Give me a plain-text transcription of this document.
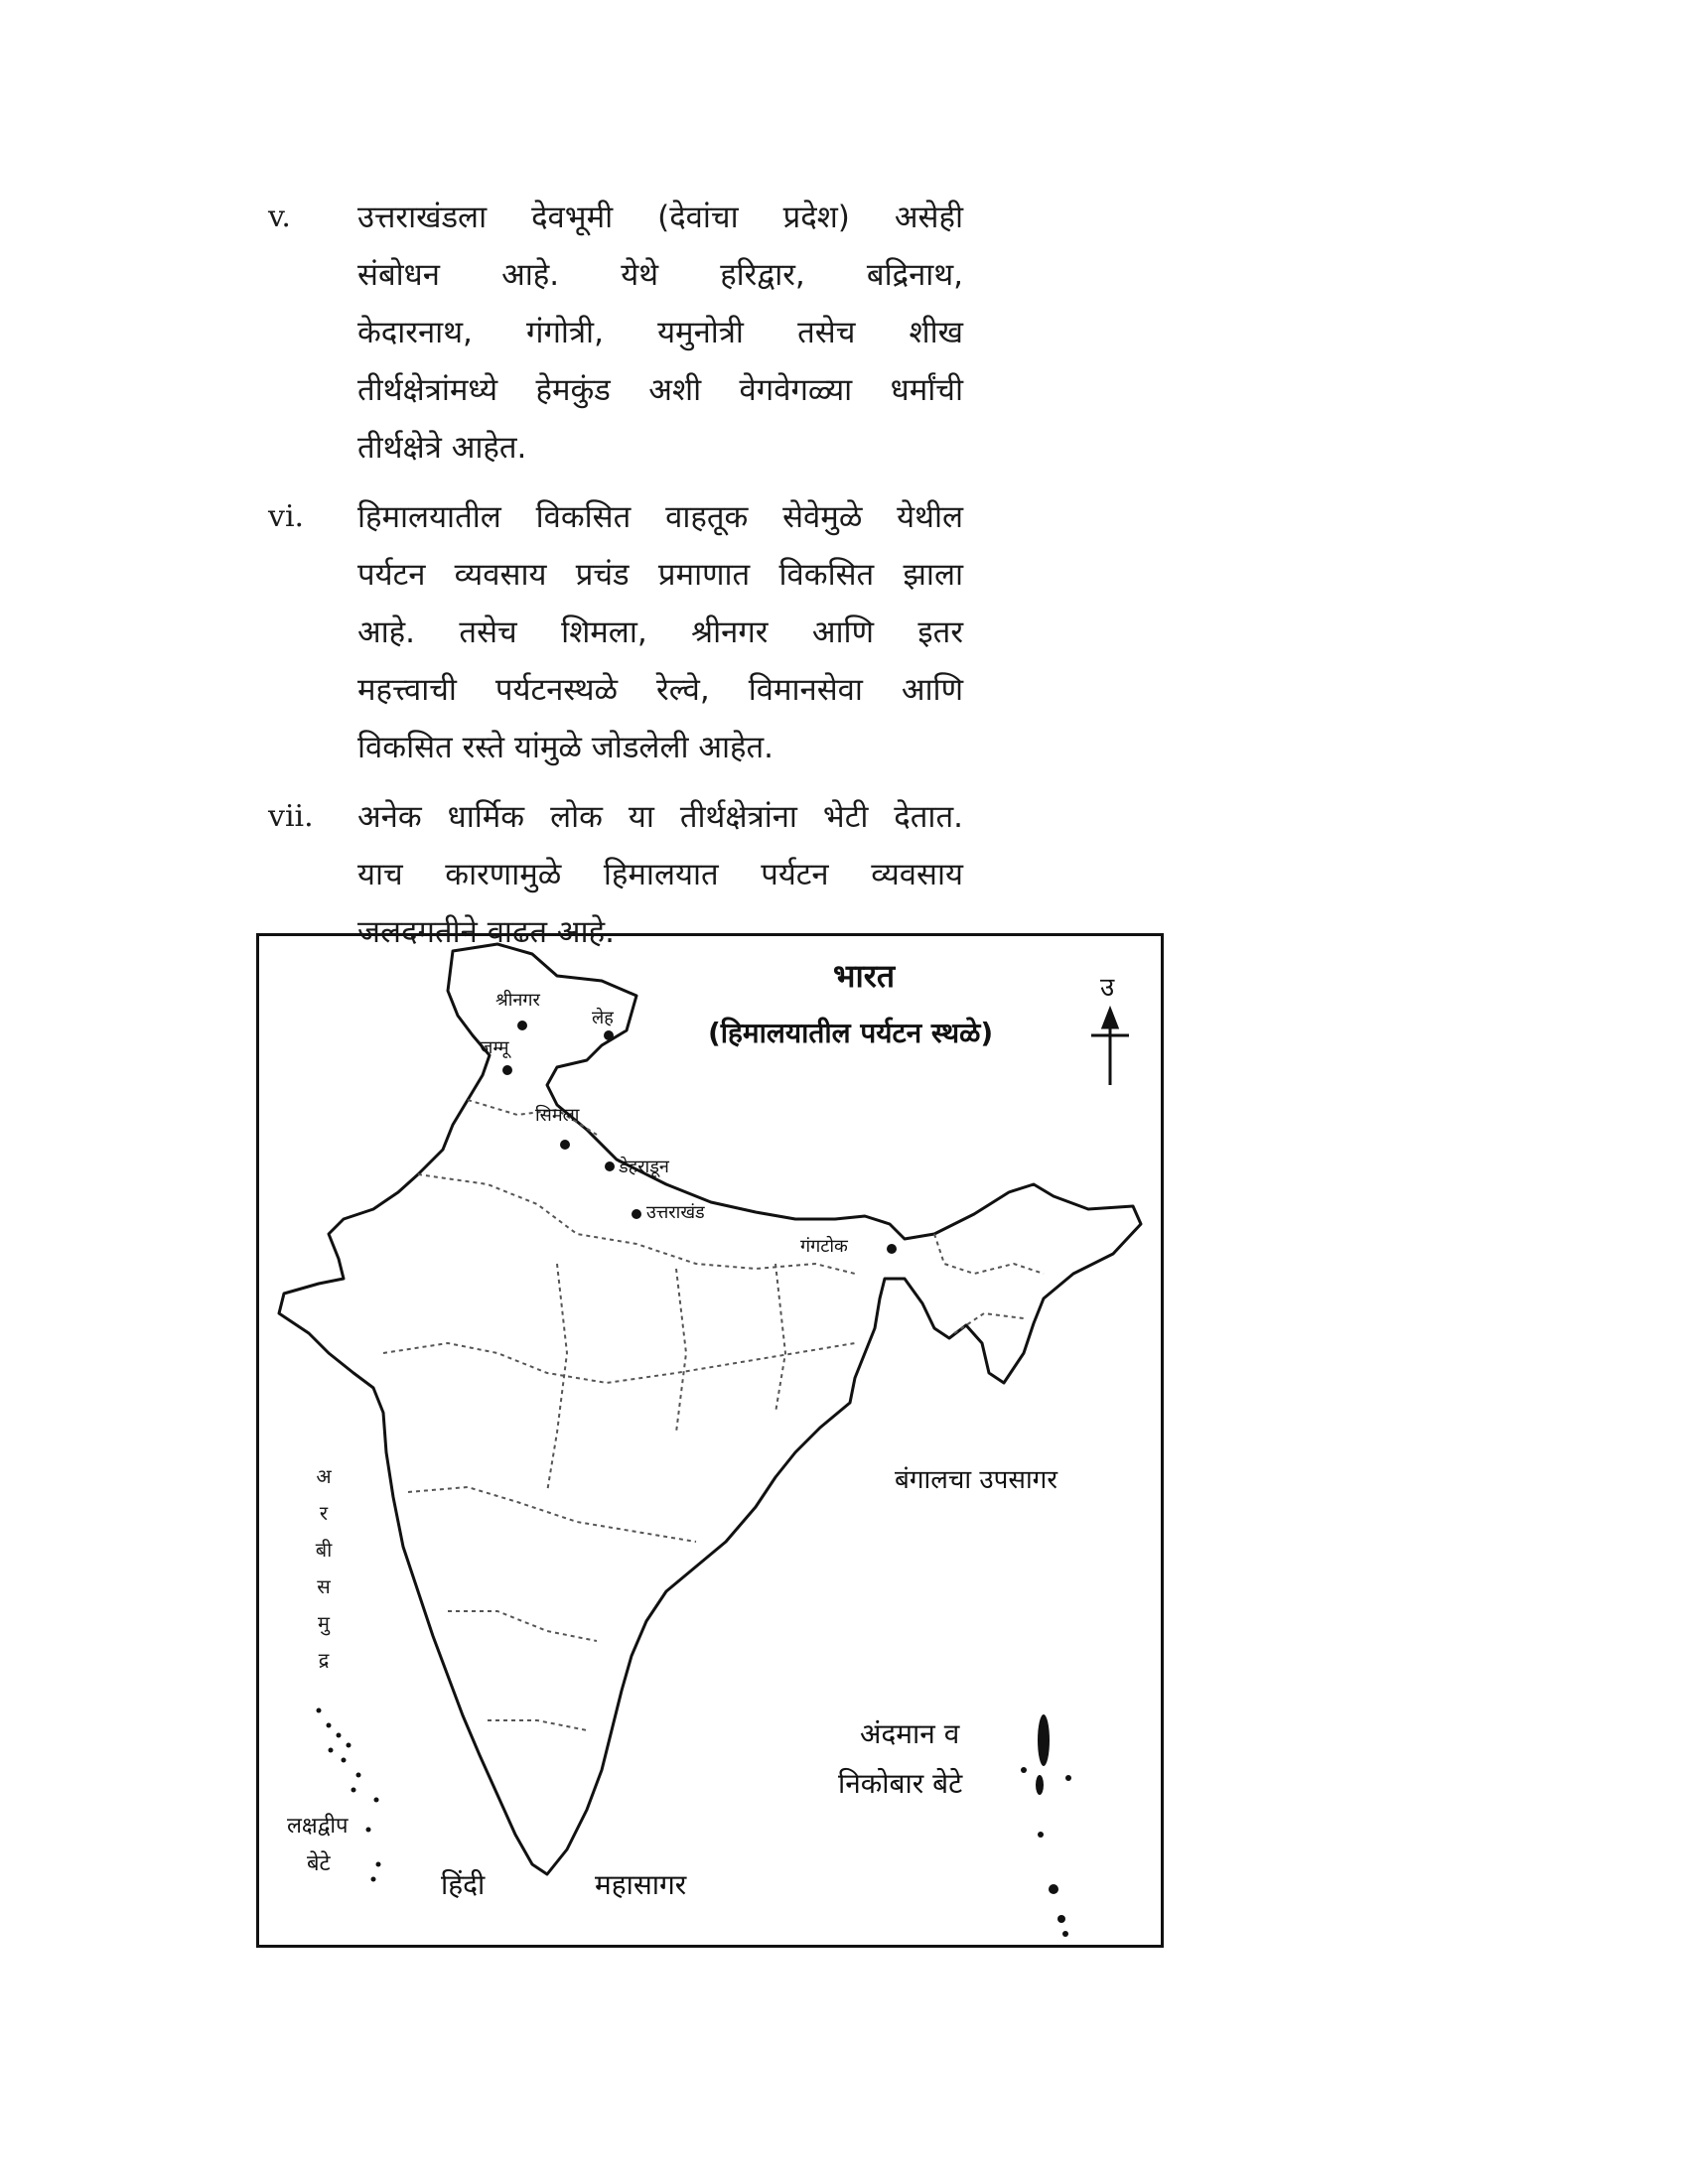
v.	उत्तराखंडला देवभूमी (देवांचा प्रदेश) असेही
संबोधन आहे. येथे हरिद्वार, बद्रिनाथ,
केदारनाथ, गंगोत्री, यमुनोत्री तसेच शीख
तीर्थक्षेत्रांमध्ये हेमकुंड अशी वेगवेगळ्या धर्मांची
तीर्थक्षेत्रे आहेत.
vi.	हिमालयातील विकसित वाहतूक सेवेमुळे येथील
पर्यटन व्यवसाय प्रचंड प्रमाणात विकसित झाला
आहे. तसेच शिमला, श्रीनगर आणि इतर
महत्त्वाची पर्यटनस्थळे रेल्वे, विमानसेवा आणि
विकसित रस्ते यांमुळे जोडलेली आहेत.
vii.	अनेक धार्मिक लोक या तीर्थक्षेत्रांना भेटी देतात.
याच कारणामुळे हिमालयात पर्यटन व्यवसाय
जलदगतीने वाढत आहे.
भारत
(हिमालयातील पर्यटन स्थळे)
उ
श्रीनगर
लेह
जम्मू
सिमला
डेहराडून
उत्तराखंड
गंगटोक
बंगालचा उपसागर
अ
र
बी
स
मु
द्र
अंदमान व
निकोबार बेटे
लक्षद्वीप
बेटे
हिंदी	महासागर
